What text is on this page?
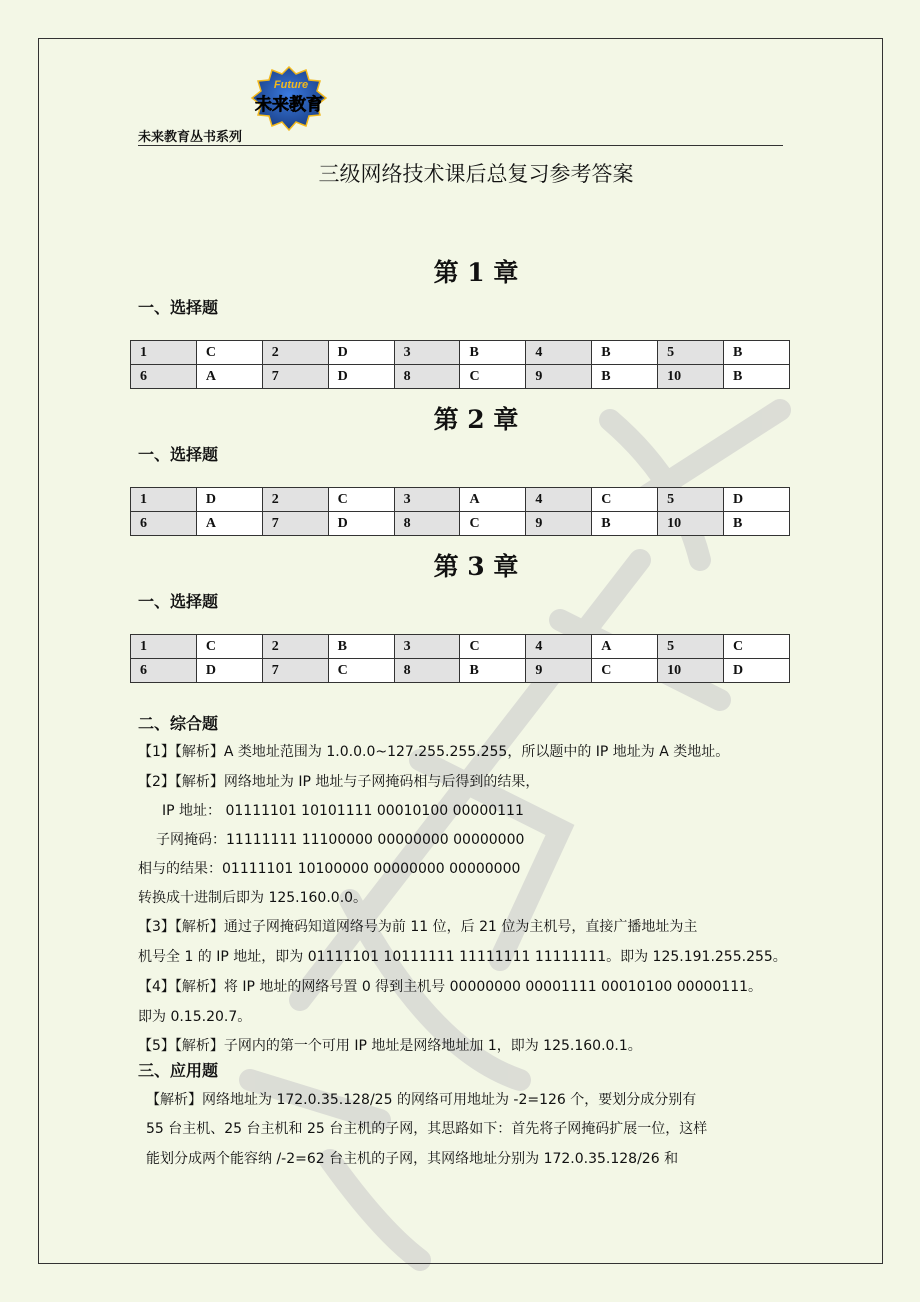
Future
未来教育
未来教育丛书系列
三级网络技术课后总复习参考答案
第 1 章
一、选择题
1	C	2	D	3	B	4	B	5	B
6	A	7	D	8	C	9	B	10	B
第 2 章
一、选择题
1	D	2	C	3	A	4	C	5	D
6	A	7	D	8	C	9	B	10	B
第 3 章
一、选择题
1	C	2	B	3	C	4	A	5	C
6	D	7	C	8	B	9	C	10	D
二、综合题
【1】【解析】A 类地址范围为 1.0.0.0~127.255.255.255，所以题中的 IP 地址为 A 类地址。
【2】【解析】网络地址为 IP 地址与子网掩码相与后得到的结果，
IP 地址： 01111101 10101111 00010100 00000111
子网掩码：11111111 11100000 00000000 00000000
相与的结果：01111101 10100000 00000000 00000000
转换成十进制后即为 125.160.0.0。
【3】【解析】通过子网掩码知道网络号为前 11 位，后 21 位为主机号，直接广播地址为主
机号全 1 的 IP 地址，即为 01111101 10111111 11111111 11111111。即为 125.191.255.255。
【4】【解析】将 IP 地址的网络号置 0 得到主机号 00000000 00001111 00010100 00000111。
即为 0.15.20.7。
【5】【解析】子网内的第一个可用 IP 地址是网络地址加 1，即为 125.160.0.1。
三、应用题
【解析】网络地址为 172.0.35.128/25 的网络可用地址为 -2=126 个，要划分成分别有
55 台主机、25 台主机和 25 台主机的子网，其思路如下：首先将子网掩码扩展一位，这样
能划分成两个能容纳 /-2=62 台主机的子网，其网络地址分别为 172.0.35.128/26 和
